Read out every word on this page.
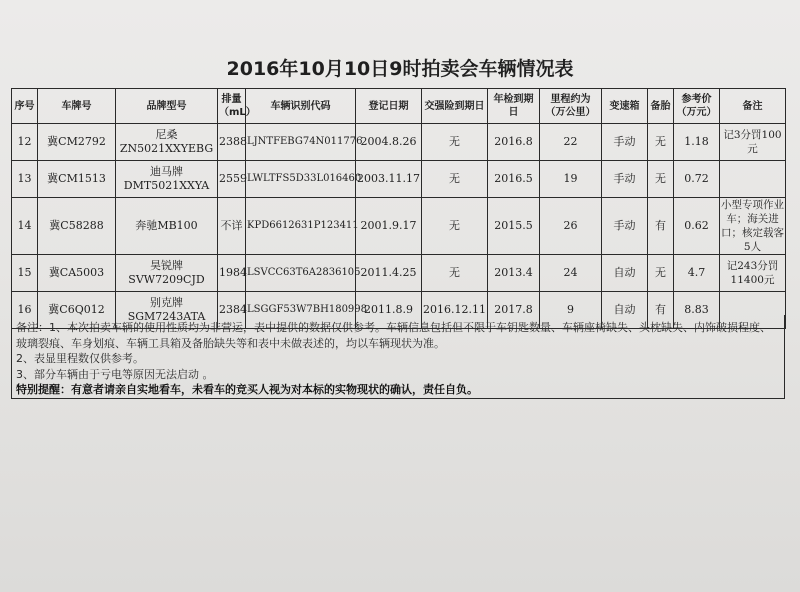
2016年10月10日9时拍卖会车辆情况表
序号	车牌号	品牌型号	排量（mL）	车辆识别代码	登记日期	交强险到期日	年检到期日	里程约为（万公里）	变速箱	备胎	参考价（万元）	备注
12	冀CM2792	尼桑
ZN5021XXYEBG	2388	LJNTFEBG74N011776	2004.8.26	无	2016.8	22	手动	无	1.18	记3分罚100元
13	冀CM1513	迪马牌
DMT5021XXYA	2559	LWLTFS5D33L016460	2003.11.17	无	2016.5	19	手动	无	0.72	
14	冀C58288	奔驰MB100	不详	KPD6612631P123411	2001.9.17	无	2015.5	26	手动	有	0.62	小型专项作业车；海关进口；核定载客5人
15	冀CA5003	昊锐牌
SVW7209CJD	1984	LSVCC63T6A2836105	2011.4.25	无	2013.4	24	自动	无	4.7	记243分罚11400元
16	冀C6Q012	别克牌
SGM7243ATA	2384	LSGGF53W7BH180998	2011.8.9	2016.12.11	2017.8	9	自动	有	8.83	
备注：1、本次拍卖车辆的使用性质均为非营运，表中提供的数据仅供参考。车辆信息包括但不限于车钥匙数量、车辆座椅缺失、头枕缺失、内饰破损程度、玻璃裂痕、车身划痕、车辆工具箱及备胎缺失等和表中未做表述的，均以车辆现状为准。
2、表显里程数仅供参考。
3、部分车辆由于亏电等原因无法启动 。
特别提醒：有意者请亲自实地看车，未看车的竞买人视为对本标的实物现状的确认，责任自负。
